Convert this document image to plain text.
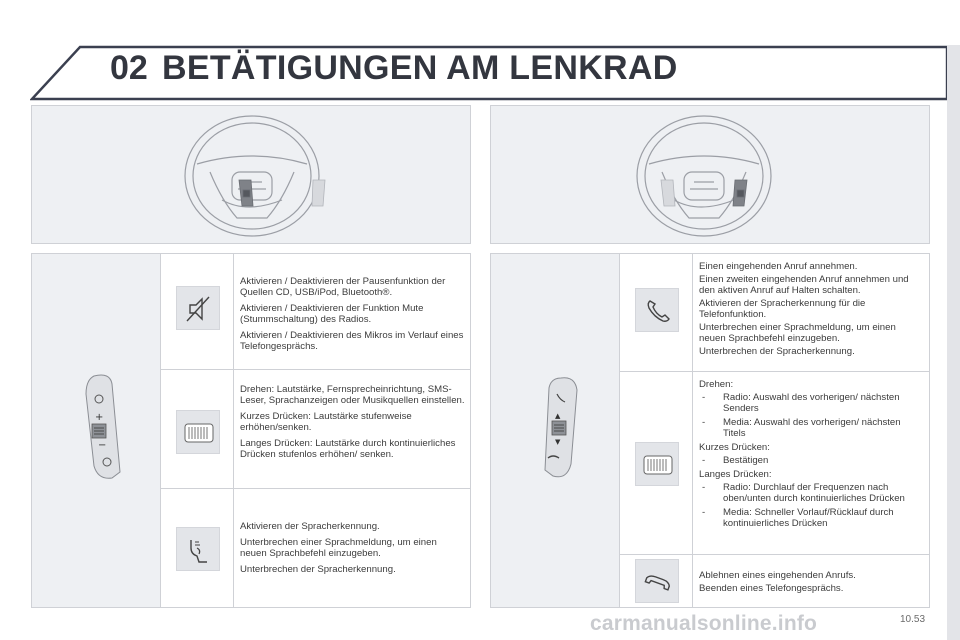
02 BETÄTIGUNGEN AM LENKRAD
+
−

Aktivieren / Deaktivieren der Pausenfunktion der Quellen CD, USB/iPod, Bluetooth®.

Aktivieren / Deaktivieren der Funktion Mute (Stummschaltung) des Radios.

Aktivieren / Deaktivieren des Mikros im Verlauf eines Telefongesprächs.

Drehen: Lautstärke, Fernsprecheinrichtung, SMS-Leser, Sprachanzeigen oder Musikquellen einstellen.

Kurzes Drücken: Lautstärke stufenweise erhöhen/senken.

Langes Drücken: Lautstärke durch kontinuierliches Drücken stufenlos erhöhen/ senken.

Aktivieren der Spracherkennung.

Unterbrechen einer Sprachmeldung, um einen neuen Sprachbefehl einzugeben.

Unterbrechen der Spracherkennung.

▲
▼

Einen eingehenden Anruf annehmen.

Einen zweiten eingehenden Anruf annehmen und den aktiven Anruf auf Halten schalten.

Aktivieren der Spracherkennung für die Telefonfunktion.

Unterbrechen einer Sprachmeldung, um einen neuen Sprachbefehl einzugeben.

Unterbrechen der Spracherkennung.

Drehen:

-	Radio: Auswahl des vorherigen/ nächsten Senders
-	Media: Auswahl des vorherigen/ nächsten Titels

Kurzes Drücken:

-	Bestätigen

Langes Drücken:

-	Radio: Durchlauf der Frequenzen nach oben/unten durch kontinuierliches Drücken
-	Media: Schneller Vorlauf/Rücklauf durch kontinuierliches Drücken

Ablehnen eines eingehenden Anrufs.

Beenden eines Telefongesprächs.

carmanualsonline.info	10.53
